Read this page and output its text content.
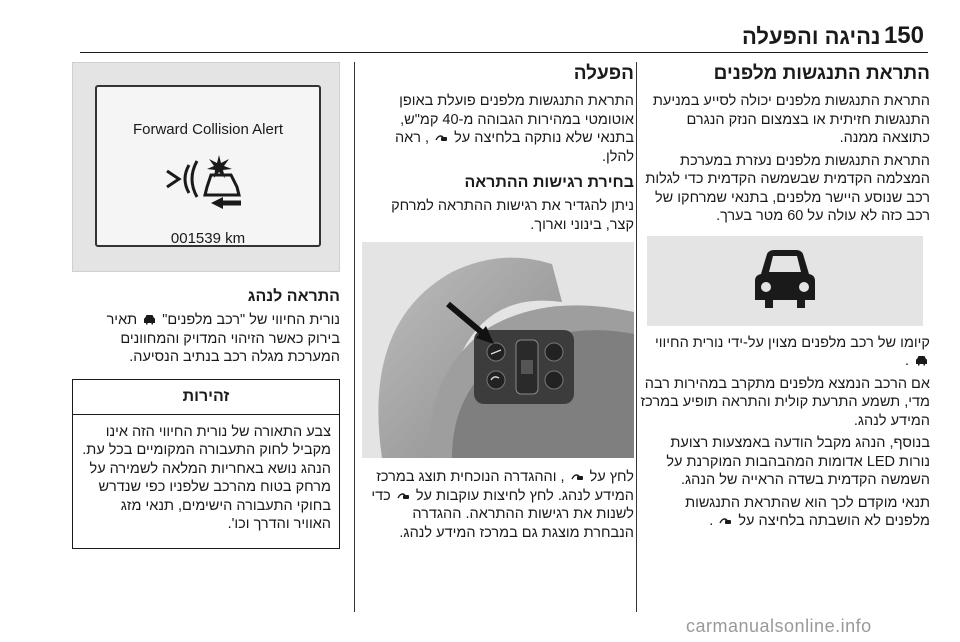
נהיגה והפעלה 150
התראת התנגשות מלפנים

התראת התנגשות מלפנים יכולה לסייע במניעת התנגשות חזיתית או בצמצום הנזק הנגרם כתוצאה ממנה.

התראת התנגשות מלפנים נעזרת במערכת המצלמה הקדמית שבשמשה הקדמית כדי לגלות רכב שנוסע היישר מלפנים, בתנאי שמרחקו של רכב כזה לא עולה על 60 מטר בערך.

קיומו של רכב מלפנים מצוין על-ידי נורית החיווי  .

אם הרכב הנמצא מלפנים מתקרב במהירות רבה מדי, תשמע התרעת קולית והתראה תופיע במרכז המידע לנהג.

בנוסף, הנהג מקבל הודעה באמצעות רצועת נורות LED אדומות המהבהבות המוקרנת על השמשה הקדמית בשדה הראייה של הנהג.

תנאי מוקדם לכך הוא שהתראת התנגשות מלפנים לא הושבתה בלחיצה על  .

הפעלה

התראת התנגשות מלפנים פועלת באופן אוטומטי במהירות הגבוהה מ-40 קמ"ש, בתנאי שלא נותקה בלחיצה על  , ראה להלן.

בחירת רגישות ההתראה

ניתן להגדיר את רגישות ההתראה למרחק קצר, בינוני וארוך.

לחץ על  , וההגדרה הנוכחית תוצג במרכז המידע לנהג. לחץ לחיצות עוקבות על  כדי לשנות את רגישות ההתראה. ההגדרה הנבחרת מוצגת גם במרכז המידע לנהג.

Forward Collision Alert
001539 km
התראה לנהג

נורית החיווי של "רכב מלפנים"  תאיר בירוק כאשר הזיהוי המדויק והמחוונים המערכת מגלה רכב בנתיב הנסיעה.

זהירות

צבע התאורה של נורית החיווי הזה אינו מקביל לחוק התעבורה המקומיים בכל עת. הנהג נושא באחריות המלאה לשמירה על מרחק בטוח מהרכב שלפניו כפי שנדרש בחוקי התעבורה הישימים, תנאי מזג האוויר והדרך וכו'.

carmanualsonline.info
